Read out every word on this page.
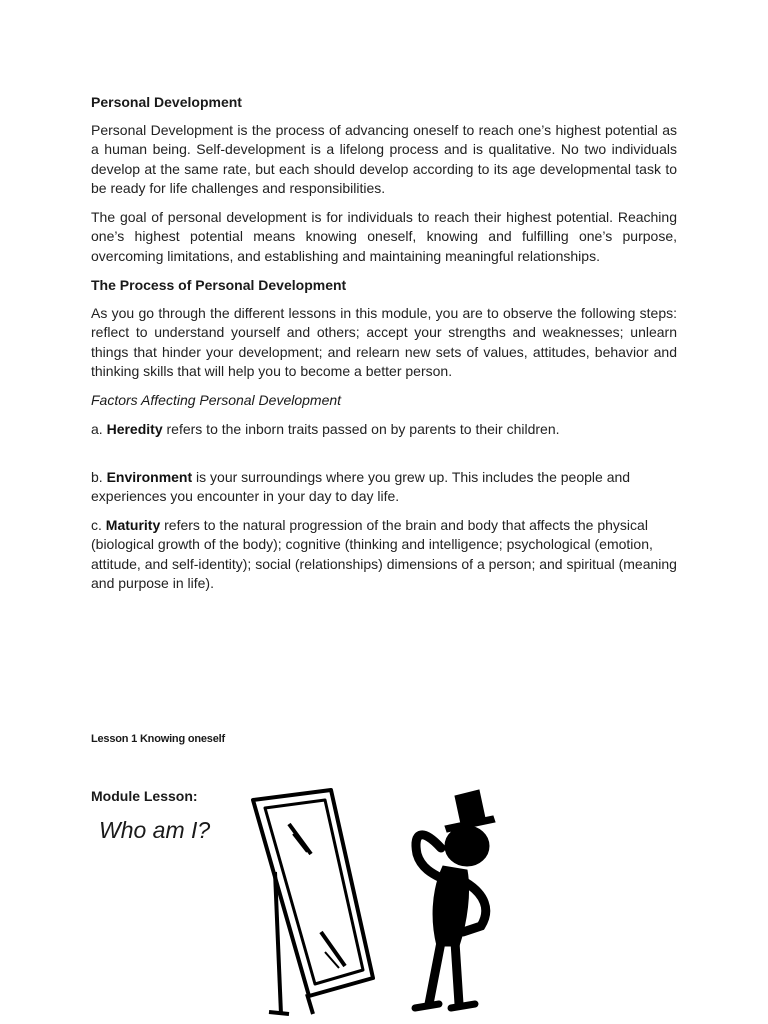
Personal Development
Personal Development is the process of advancing oneself to reach one’s highest potential as a human being. Self-development is a lifelong process and is qualitative. No two individuals develop at the same rate, but each should develop according to its age developmental task to be ready for life challenges and responsibilities.
The goal of personal development is for individuals to reach their highest potential. Reaching one’s highest potential means knowing oneself, knowing and fulfilling one’s purpose, overcoming limitations, and establishing and maintaining meaningful relationships.
The Process of Personal Development
As you go through the different lessons in this module, you are to observe the following steps: reflect to understand yourself and others; accept your strengths and weaknesses; unlearn things that hinder your development; and relearn new sets of values, attitudes, behavior and thinking skills that will help you to become a better person.
Factors Affecting Personal Development
a. Heredity refers to the inborn traits passed on by parents to their children.
b. Environment is your surroundings where you grew up. This includes the people and experiences you encounter in your day to day life.
c. Maturity refers to the natural progression of the brain and body that affects the physical (biological growth of the body); cognitive (thinking and intelligence; psychological (emotion, attitude, and self-identity); social (relationships) dimensions of a person; and spiritual (meaning and purpose in life).
Lesson 1 Knowing oneself
Module Lesson:
Who am I?
